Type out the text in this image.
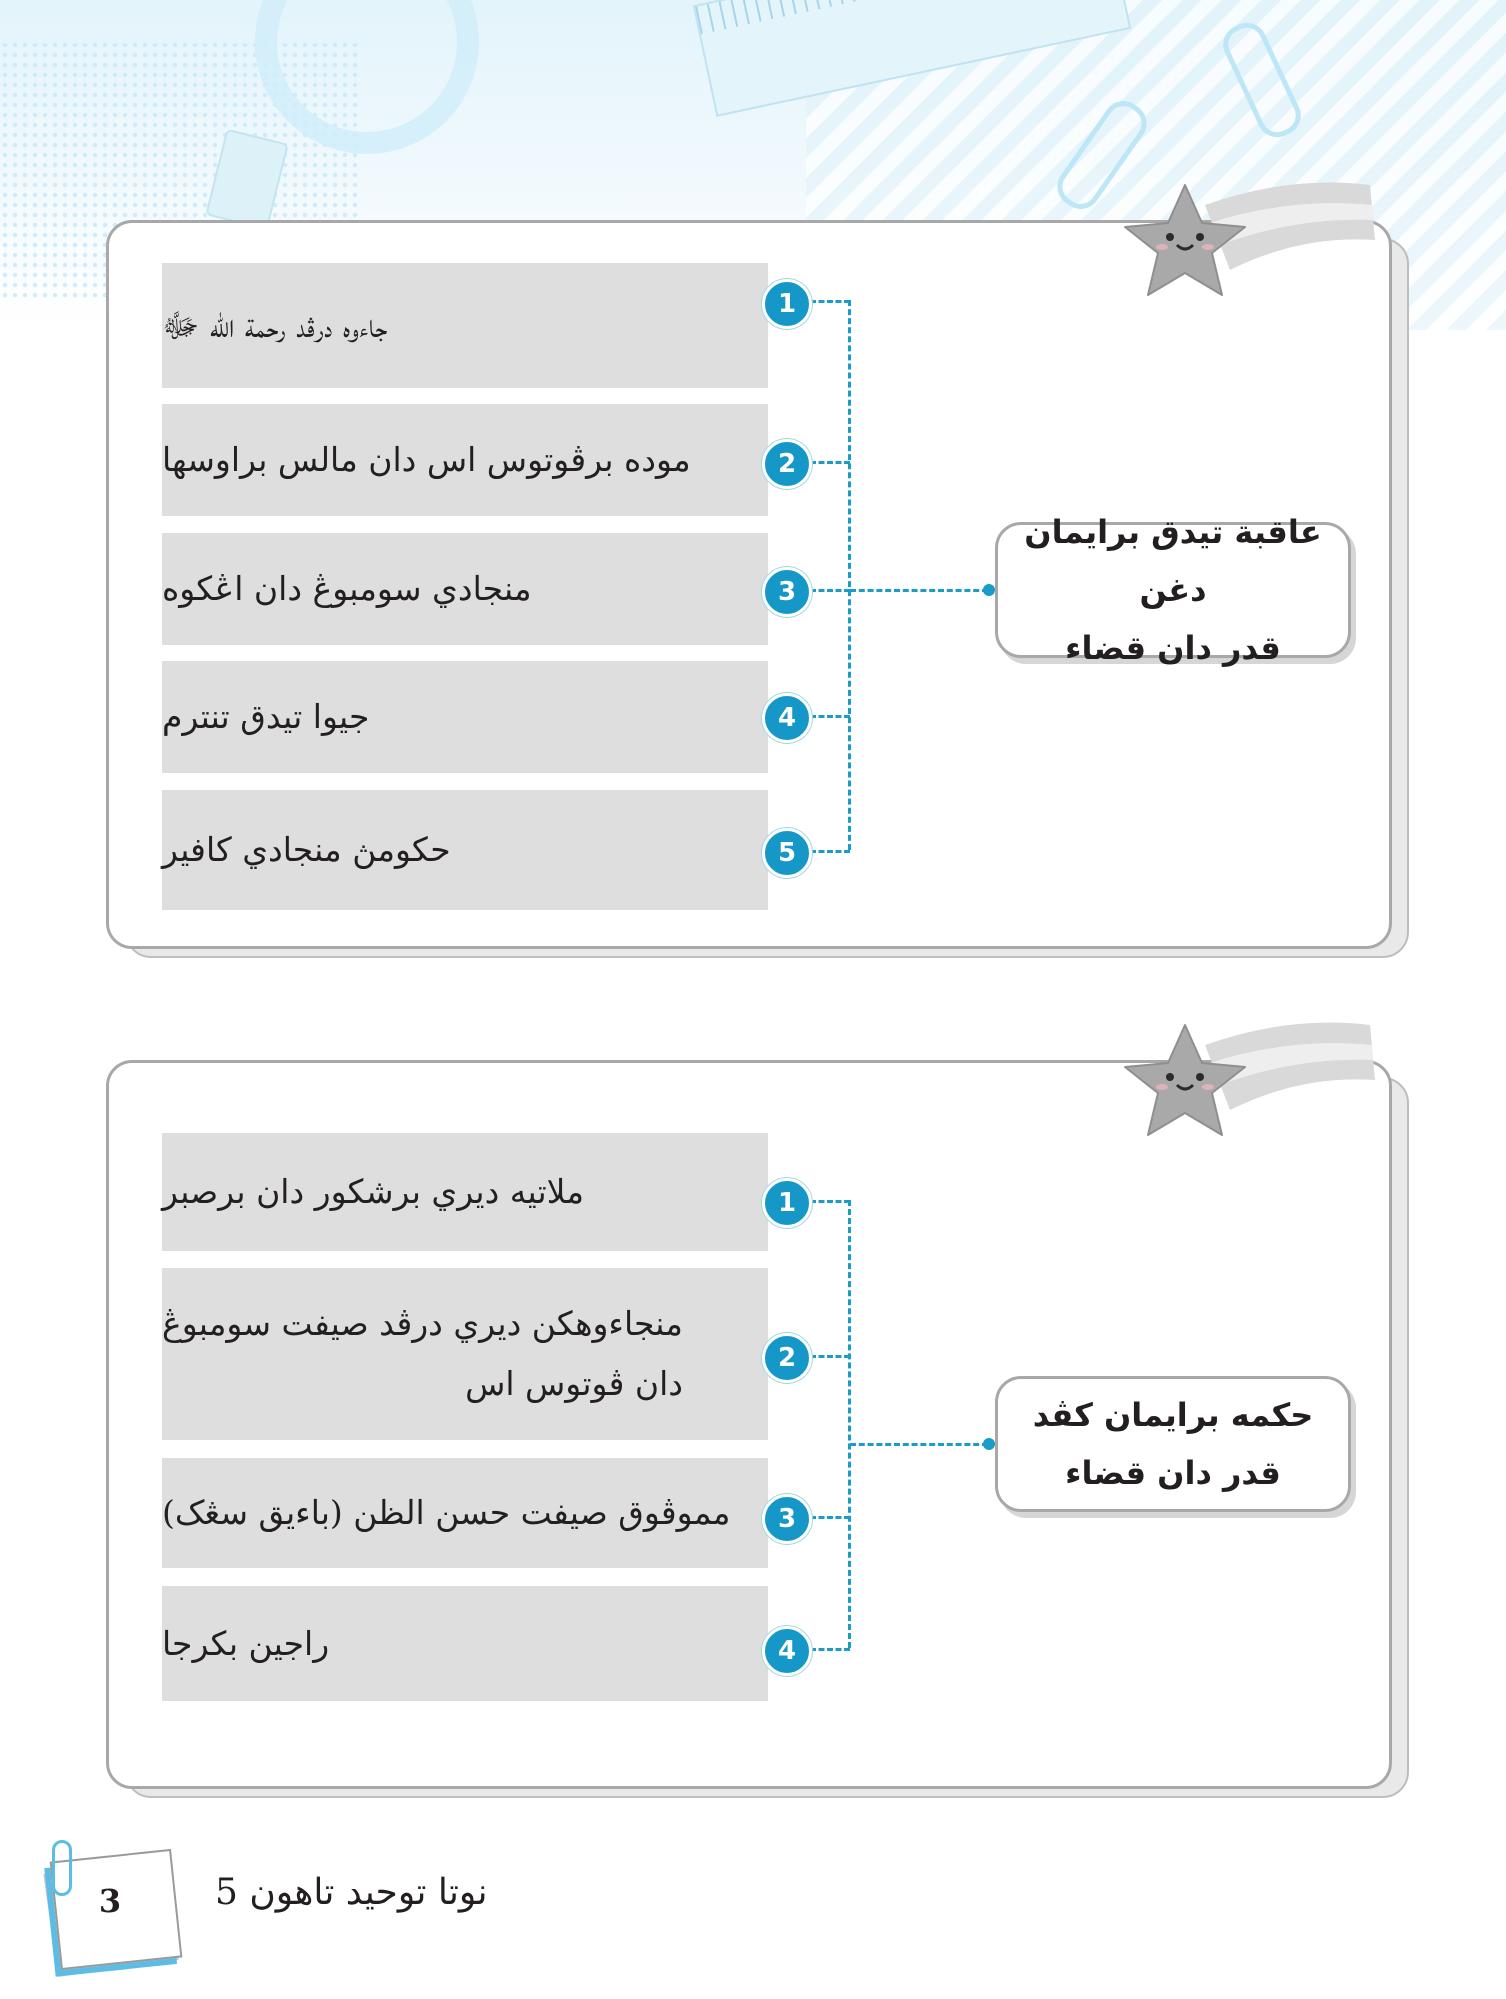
جاءوه درڤد رحمة الله ﷻ
موده برڤوتوس اس دان مالس براوسها
منجادي سومبوڠ دان اڠكوه
جيوا تيدق تنترم
حکومڽ منجادي كافير
1
2
3
4
5
عاقبة تيدق برايمان دغن
قدر دان قضاء
ملاتيه ديري برشكور دان برصبر
منجاءوهکن ديري درڤد صيفت سومبوڠ
دان ڤوتوس اس
مموڤوق صيفت حسن الظن (باءيق سڠک)
راجين بکرجا
1
2
3
4
حکمه برايمان کڤد
قدر دان قضاء
3	نوتا توحيد تاهون 5
